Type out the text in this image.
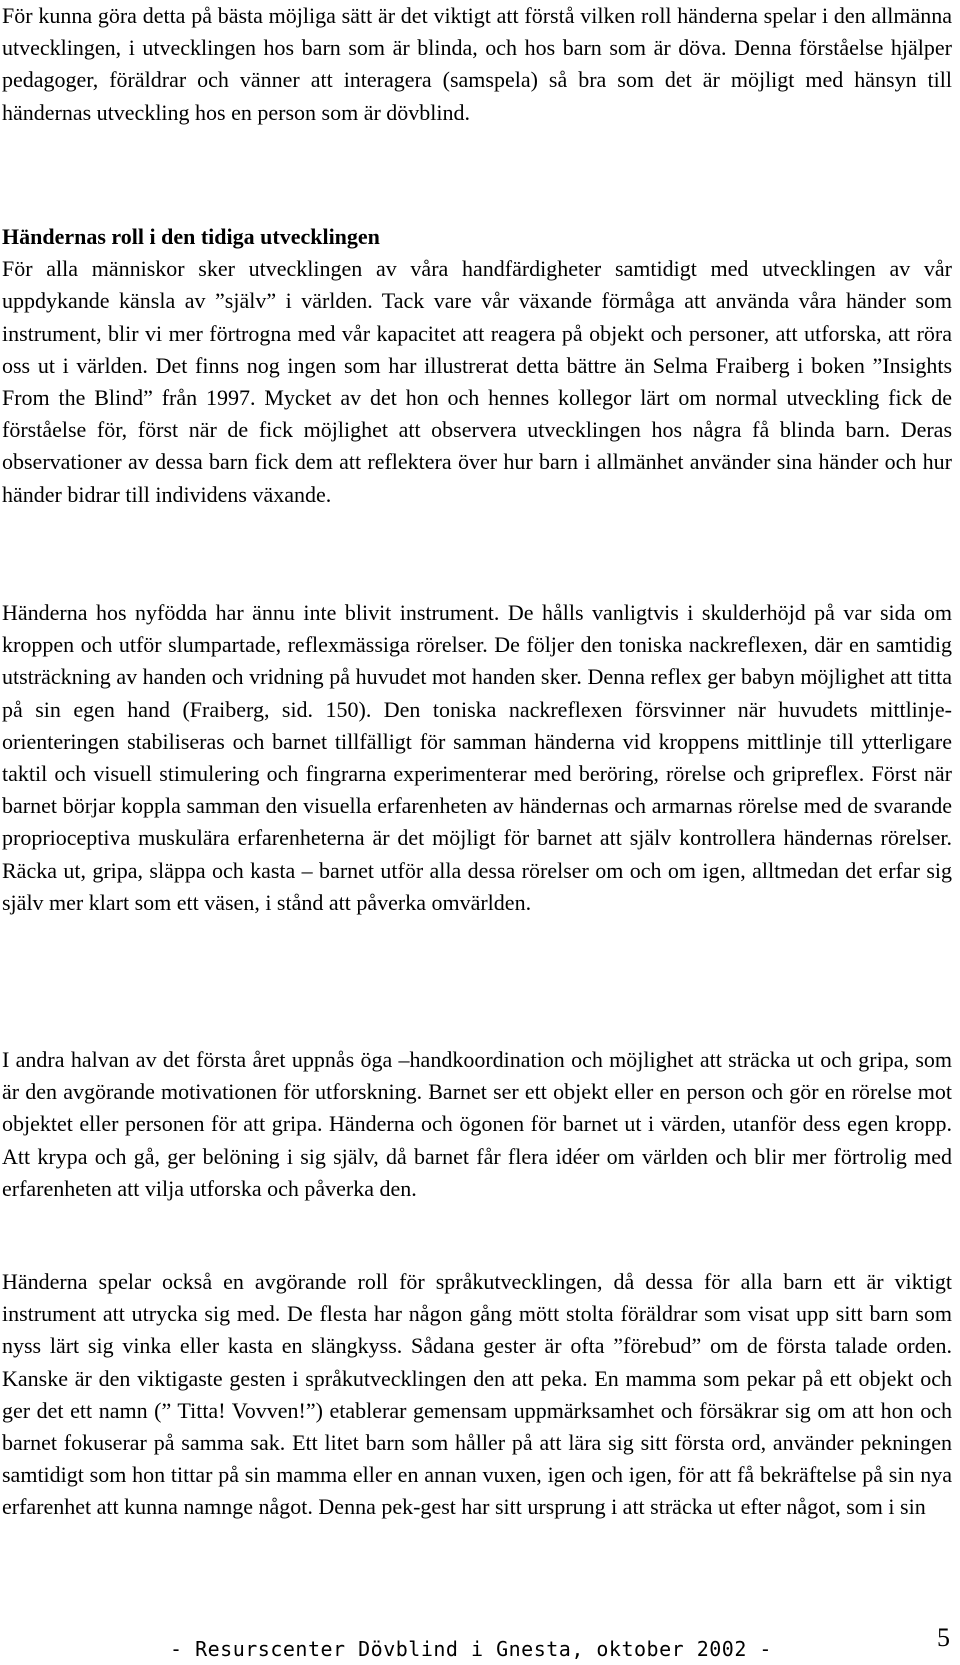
För kunna göra detta på bästa möjliga sätt är det viktigt att förstå vilken roll händerna spelar i den allmänna utvecklingen, i utvecklingen hos barn som är blinda, och hos barn som är döva. Denna förståelse hjälper pedagoger, föräldrar och vänner att interagera (samspela) så bra som det är möjligt med hänsyn till händernas utveckling hos en person som är dövblind.

Händernas roll i den tidiga utvecklingen

För alla människor sker utvecklingen av våra handfärdigheter samtidigt med utvecklingen av vår uppdykande känsla av ”själv” i världen. Tack vare vår växande förmåga att använda våra händer som instrument, blir vi mer förtrogna med vår kapacitet att reagera på objekt och personer, att utforska, att röra oss ut i världen. Det finns nog ingen som har illustrerat detta bättre än Selma Fraiberg i boken ”Insights From the Blind” från 1997. Mycket av det hon och hennes kollegor lärt om normal utveckling fick de förståelse för, först när de fick möjlighet att observera utvecklingen hos några få blinda barn. Deras observationer av dessa barn fick dem att reflektera över hur barn i allmänhet använder sina händer och hur händer bidrar till individens växande.

Händerna hos nyfödda har ännu inte blivit instrument. De hålls vanligtvis i skulderhöjd på var sida om kroppen och utför slumpartade, reflexmässiga rörelser. De följer den toniska nackreflexen, där en samtidig utsträckning av handen och vridning på huvudet mot handen sker. Denna reflex ger babyn möjlighet att titta på sin egen hand (Fraiberg, sid. 150). Den toniska nackreflexen försvinner när huvudets mittlinje-orienteringen stabiliseras och barnet tillfälligt för samman händerna vid kroppens mittlinje till ytterligare taktil och visuell stimulering och fingrarna experimenterar med beröring, rörelse och gripreflex. Först när barnet börjar koppla samman den visuella erfarenheten av händernas och armarnas rörelse med de svarande proprioceptiva muskulära erfarenheterna är det möjligt för barnet att själv kontrollera händernas rörelser. Räcka ut, gripa, släppa och kasta – barnet utför alla dessa rörelser om och om igen, alltmedan det erfar sig själv mer klart som ett väsen, i stånd att påverka omvärlden.

I andra halvan av det första året uppnås öga –handkoordination och möjlighet att sträcka ut och gripa, som är den avgörande motivationen för utforskning. Barnet ser ett objekt eller en person och gör en rörelse mot objektet eller personen för att gripa. Händerna och ögonen för barnet ut i värden, utanför dess egen kropp. Att krypa och gå, ger belöning i sig själv, då barnet får flera idéer om världen och blir mer förtrolig med erfarenheten att vilja utforska och påverka den.

Händerna spelar också en avgörande roll för språkutvecklingen, då dessa för alla barn ett är viktigt instrument att utrycka sig med. De flesta har någon gång mött stolta föräldrar som visat upp sitt barn som nyss lärt sig vinka eller kasta en slängkyss. Sådana gester är ofta ”förebud” om de första talade orden. Kanske är den viktigaste gesten i språkutvecklingen den att peka. En mamma som pekar på ett objekt och ger det ett namn (” Titta! Vovven!”) etablerar gemensam uppmärksamhet och försäkrar sig om att hon och barnet fokuserar på samma sak. Ett litet barn som håller på att lära sig sitt första ord, använder pekningen samtidigt som hon tittar på sin mamma eller en annan vuxen, igen och igen, för att få bekräftelse på sin nya erfarenhet att kunna namnge något. Denna pek-gest har sitt ursprung i att sträcka ut efter något, som i sin

- Resurscenter Dövblind i Gnesta, oktober 2002 -	5
